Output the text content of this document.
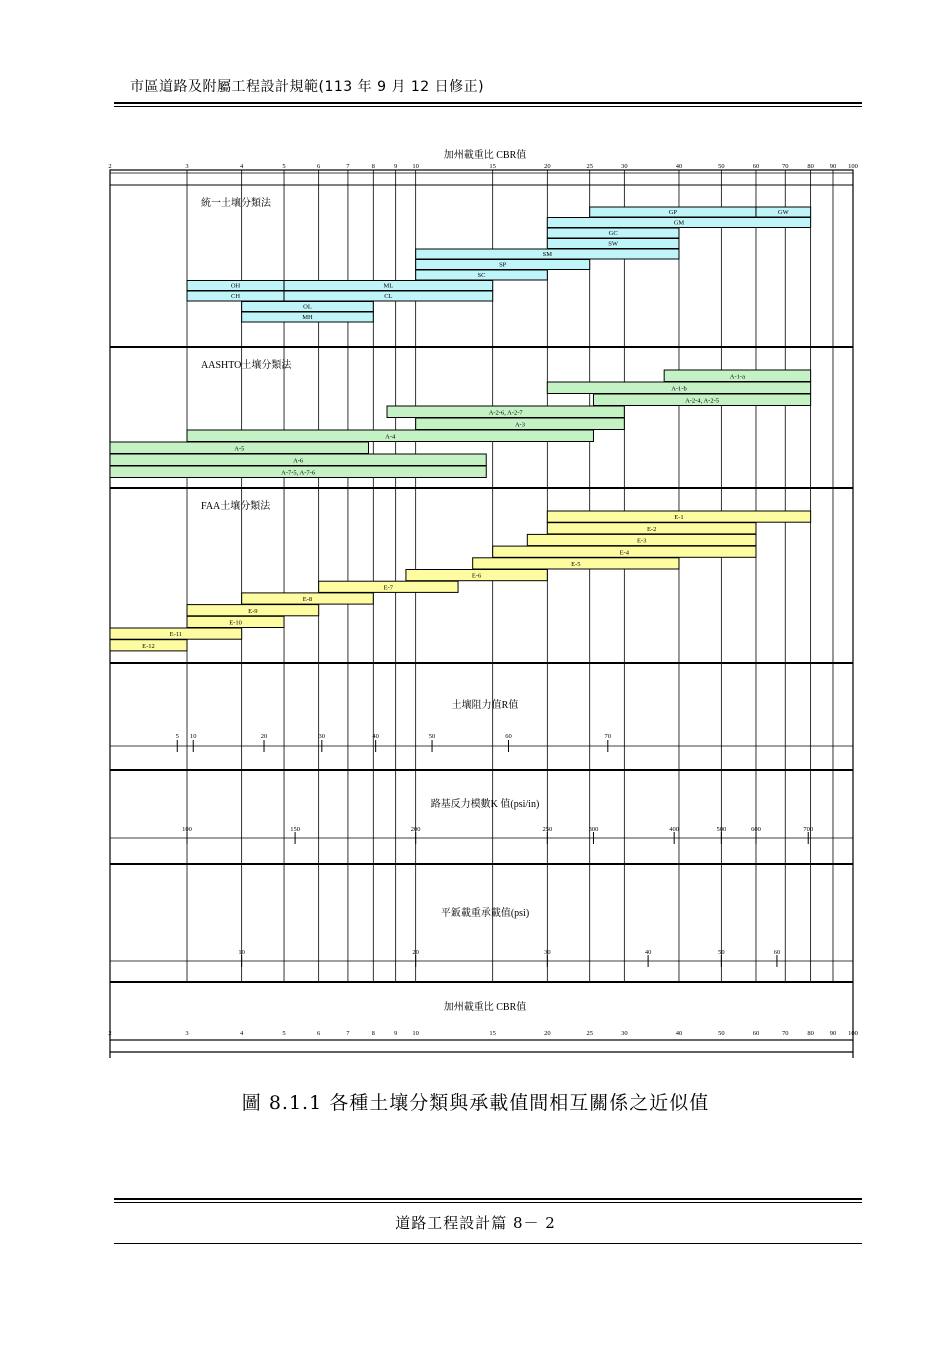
市區道路及附屬工程設計規範(113 年 9 月 12 日修正)
加州載重比 CBR值
2	3	4	5	6	7	8	9 10	15	20	25	30	40	50	60	70	80 90 100
加州載重比 CBR值
2	3	4	5	6	7	8	9 10	15	20	25	30	40	50	60	70	80 90 100
統一土壤分類法
GP	GW
GM
GC
SW
SM
SP
SC
OH	ML
CH	CL
OL
MH
AASHTO土壤分類法
A-1-a
A-1-b
A-2-4, A-2-5
A-2-6, A-2-7
A-3
A-4
A-5
A-6
A-7-5, A-7-6
FAA土壤分類法
E-1
E-2
E-3
E-4
E-5
E-6
E-7
E-8
E-9
E-10
E-11
E-12
土壤阻力值R值
5 10	20	30	40	50	60	70
路基反力模數K 值(psi/in)
100	150	200	250	300	400	500	600	700
平鈑載重承載值(psi)
10	20	30	40	50	60
圖 8.1.1 各種土壤分類與承載值間相互關係之近似值
道路工程設計篇 8－ 2
